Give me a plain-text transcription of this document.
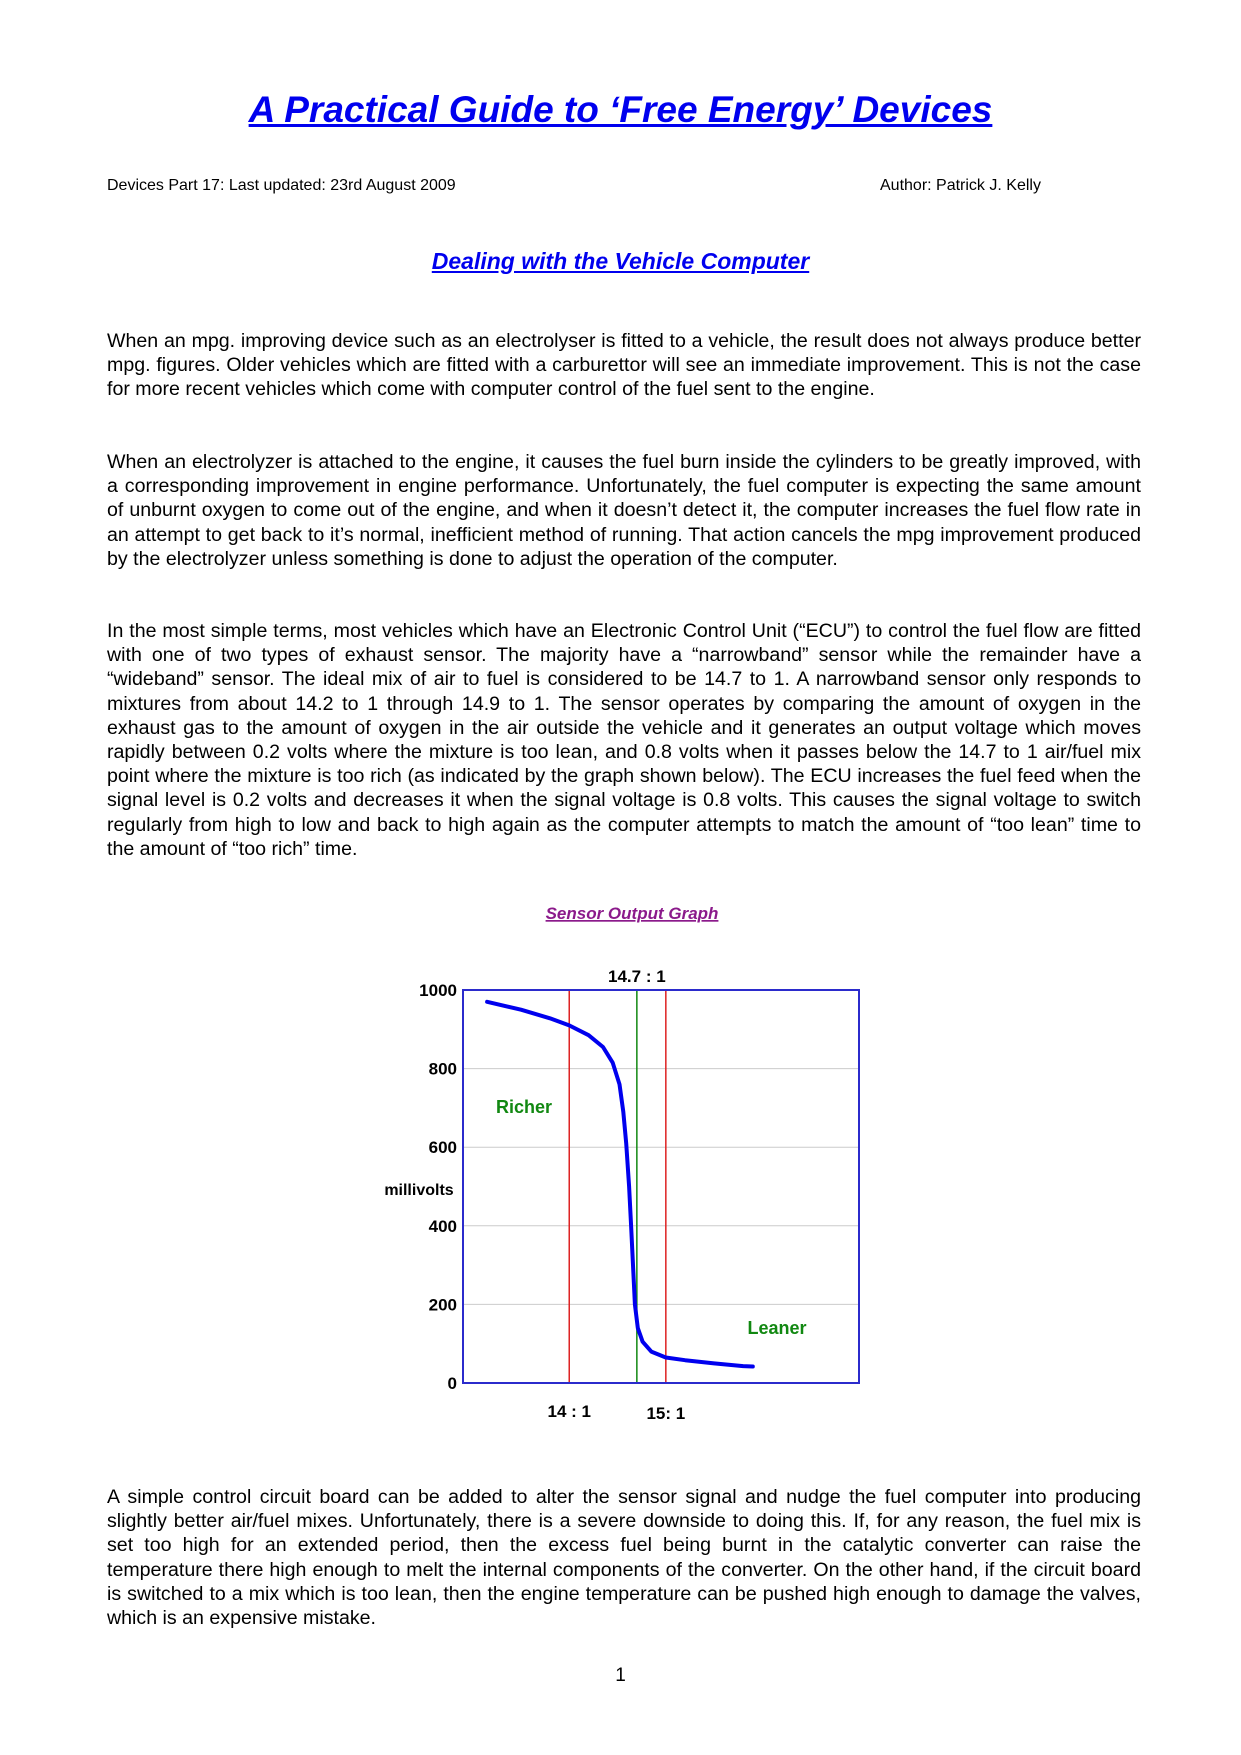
A Practical Guide to ‘Free Energy’ Devices
Devices Part 17: Last updated: 23rd August 2009	Author: Patrick J. Kelly
Dealing with the Vehicle Computer

When an mpg. improving device such as an electrolyser is fitted to a vehicle, the result does not always produce better mpg. figures. Older vehicles which are fitted with a carburettor will see an immediate improvement. This is not the case for more recent vehicles which come with computer control of the fuel sent to the engine.

When an electrolyzer is attached to the engine, it causes the fuel burn inside the cylinders to be greatly improved, with a corresponding improvement in engine performance. Unfortunately, the fuel computer is expecting the same amount of unburnt oxygen to come out of the engine, and when it doesn’t detect it, the computer increases the fuel flow rate in an attempt to get back to it’s normal, inefficient method of running. That action cancels the mpg improvement produced by the electrolyzer unless something is done to adjust the operation of the computer.

In the most simple terms, most vehicles which have an Electronic Control Unit (“ECU”) to control the fuel flow are fitted with one of two types of exhaust sensor. The majority have a “narrowband” sensor while the remainder have a “wideband” sensor. The ideal mix of air to fuel is considered to be 14.7 to 1. A narrowband sensor only responds to mixtures from about 14.2 to 1 through 14.9 to 1. The sensor operates by comparing the amount of oxygen in the exhaust gas to the amount of oxygen in the air outside the vehicle and it generates an output voltage which moves rapidly between 0.2 volts where the mixture is too lean, and 0.8 volts when it passes below the 14.7 to 1 air/fuel mix point where the mixture is too rich (as indicated by the graph shown below). The ECU increases the fuel feed when the signal level is 0.2 volts and decreases it when the signal voltage is 0.8 volts. This causes the signal voltage to switch regularly from high to low and back to high again as the computer attempts to match the amount of “too lean” time to the amount of “too rich” time.

Sensor Output Graph
0
200
400
600
800
1000
14 : 1
14.7 : 1
15: 1
millivolts
Richer
Leaner

A simple control circuit board can be added to alter the sensor signal and nudge the fuel computer into producing slightly better air/fuel mixes. Unfortunately, there is a severe downside to doing this. If, for any reason, the fuel mix is set too high for an extended period, then the excess fuel being burnt in the catalytic converter can raise the temperature there high enough to melt the internal components of the converter. On the other hand, if the circuit board is switched to a mix which is too lean, then the engine temperature can be pushed high enough to damage the valves, which is an expensive mistake.

1
